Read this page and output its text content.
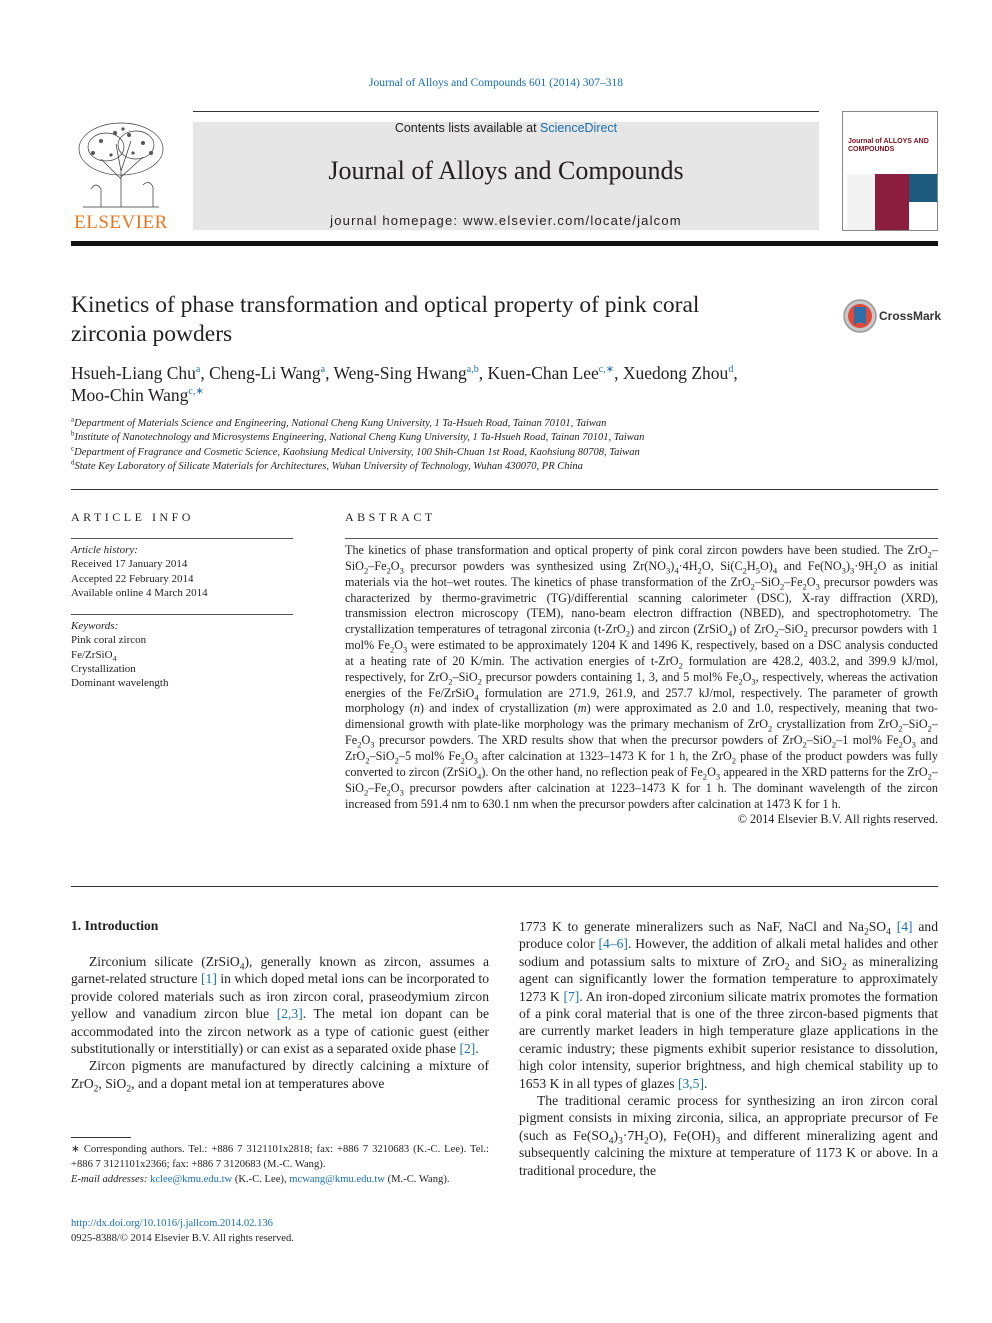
Journal of Alloys and Compounds 601 (2014) 307–318
ELSEVIER
Contents lists available at ScienceDirect
Journal of Alloys and Compounds
journal homepage: www.elsevier.com/locate/jalcom
Journal of ALLOYS AND COMPOUNDS
Kinetics of phase transformation and optical property of pink coral
zirconia powders
CrossMark
Hsueh-Liang Chu$^a$, Cheng-Li Wang$^a$, Weng-Sing Hwang$^{a,b}$, Kuen-Chan Lee$^{c,∗}$, Xuedong Zhou$^d$,
Moo-Chin Wang$^{c,∗}$
$^a$Department of Materials Science and Engineering, National Cheng Kung University, 1 Ta-Hsueh Road, Tainan 70101, Taiwan
$^b$Institute of Nanotechnology and Microsystems Engineering, National Cheng Kung University, 1 Ta-Hsueh Road, Tainan 70101, Taiwan
$^c$Department of Fragrance and Cosmetic Science, Kaohsiung Medical University, 100 Shih-Chuan 1st Road, Kaohsiung 80708, Taiwan
$^d$State Key Laboratory of Silicate Materials for Architectures, Wuhan University of Technology, Wuhan 430070, PR China
ARTICLE INFO
Article history:
Received 17 January 2014
Accepted 22 February 2014
Available online 4 March 2014
Keywords:
Pink coral zircon
Fe/ZrSiO$_4$
Crystallization
Dominant wavelength
ABSTRACT
The kinetics of phase transformation and optical property of pink coral zircon powders have been studied. The $ZrO_2-SiO_2-Fe_2O_3$ precursor powders was synthesized using $Zr(NO_3)_4\cdot 4H_2O$, $Si(C_2H_5O)_4$ and $Fe(NO_3)_3\cdot 9H_2O$ as initial materials via the hot–wet routes. The kinetics of phase transformation of the $ZrO_2-SiO_2-Fe_2O_3$ precursor powders was characterized by thermo-gravimetric (TG)/differential scanning calorimeter (DSC), X-ray diffraction (XRD), transmission electron microscopy (TEM), nano-beam electron diffraction (NBED), and spectrophotometry. The crystallization temperatures of tetragonal zirconia (t-ZrO$_2$) and zircon (ZrSiO$_4$) of ZrO$_2$–SiO$_2$ precursor powders with 1 mol% $Fe_2O_3$ were estimated to be approximately 1204 K and 1496 K, respectively, based on a DSC analysis conducted at a heating rate of 20 K/min. The activation energies of t-ZrO$_2$ formulation are 428.2, 403.2, and 399.9 kJ/mol, respectively, for ZrO$_2$–SiO$_2$ precursor powders containing 1, 3, and 5 mol% $Fe_2O_3$, respectively, whereas the activation energies of the Fe/ZrSiO$_4$ formulation are 271.9, 261.9, and 257.7 kJ/mol, respectively. The parameter of growth morphology (n) and index of crystallization (m) were approximated as 2.0 and 1.0, respectively, meaning that two-dimensional growth with plate-like morphology was the primary mechanism of ZrO$_2$ crystallization from $ZrO_2-SiO_2-Fe_2O_3$ precursor powders. The XRD results show that when the precursor powders of ZrO$_2$–SiO$_2$–1 mol% $Fe_2O_3$ and ZrO$_2$–SiO$_2$–5 mol% $Fe_2O_3$ after calcination at 1323–1473 K for 1 h, the ZrO$_2$ phase of the product powders was fully converted to zircon (ZrSiO$_4$). On the other hand, no reflection peak of $Fe_2O_3$ appeared in the XRD patterns for the $ZrO_2-SiO_2-Fe_2O_3$ precursor powders after calcination at 1223–1473 K for 1 h. The dominant wavelength of the zircon increased from 591.4 nm to 630.1 nm when the precursor powders after calcination at 1473 K for 1 h.
© 2014 Elsevier B.V. All rights reserved.
1. Introduction
Zirconium silicate (ZrSiO$_4$), generally known as zircon, assumes a garnet-related structure [1] in which doped metal ions can be incorporated to provide colored materials such as iron zircon coral, praseodymium zircon yellow and vanadium zircon blue [2,3]. The metal ion dopant can be accommodated into the zircon network as a type of cationic guest (either substitutionally or interstitially) or can exist as a separated oxide phase [2].
Zircon pigments are manufactured by directly calcining a mixture of ZrO$_2$, SiO$_2$, and a dopant metal ion at temperatures above
∗ Corresponding authors. Tel.: +886 7 3121101x2818; fax: +886 7 3210683 (K.-C. Lee). Tel.: +886 7 3121101x2366; fax: +886 7 3120683 (M.-C. Wang).
E-mail addresses: kclee@kmu.edu.tw (K.-C. Lee), mcwang@kmu.edu.tw (M.-C. Wang).
http://dx.doi.org/10.1016/j.jallcom.2014.02.136
0925-8388/© 2014 Elsevier B.V. All rights reserved.
1773 K to generate mineralizers such as NaF, NaCl and $Na_2SO_4$ [4] and produce color [4–6]. However, the addition of alkali metal halides and other sodium and potassium salts to mixture of ZrO$_2$ and SiO$_2$ as mineralizing agent can significantly lower the formation temperature to approximately 1273 K [7]. An iron-doped zirconium silicate matrix promotes the formation of a pink coral material that is one of the three zircon-based pigments that are currently market leaders in high temperature glaze applications in the ceramic industry; these pigments exhibit superior resistance to dissolution, high color intensity, superior brightness, and high chemical stability up to 1653 K in all types of glazes [3,5].
The traditional ceramic process for synthesizing an iron zircon coral pigment consists in mixing zirconia, silica, an appropriate precursor of Fe (such as $Fe(SO_4)_3\cdot 7H_2O$), $Fe(OH)_3$ and different mineralizing agent and subsequently calcining the mixture at temperature of 1173 K or above. In a traditional procedure, the
